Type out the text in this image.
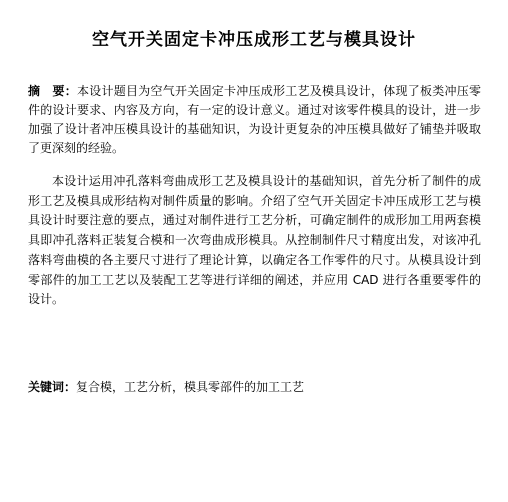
空气开关固定卡冲压成形工艺与模具设计

摘　要：本设计题目为空气开关固定卡冲压成形工艺及模具设计，体现了板类冲压零件的设计要求、内容及方向，有一定的设计意义。通过对该零件模具的设计，进一步加强了设计者冲压模具设计的基础知识，为设计更复杂的冲压模具做好了铺垫并吸取了更深刻的经验。

本设计运用冲孔落料弯曲成形工艺及模具设计的基础知识，首先分析了制件的成形工艺及模具成形结构对制件质量的影响。介绍了空气开关固定卡冲压成形工艺与模具设计时要注意的要点，通过对制件进行工艺分析，可确定制件的成形加工用两套模具即冲孔落料正装复合模和一次弯曲成形模具。从控制制件尺寸精度出发，对该冲孔落料弯曲模的各主要尺寸进行了理论计算，以确定各工作零件的尺寸。从模具设计到零部件的加工工艺以及装配工艺等进行详细的阐述，并应用 CAD 进行各重要零件的设计。

关键词：复合模，工艺分析，模具零部件的加工工艺
